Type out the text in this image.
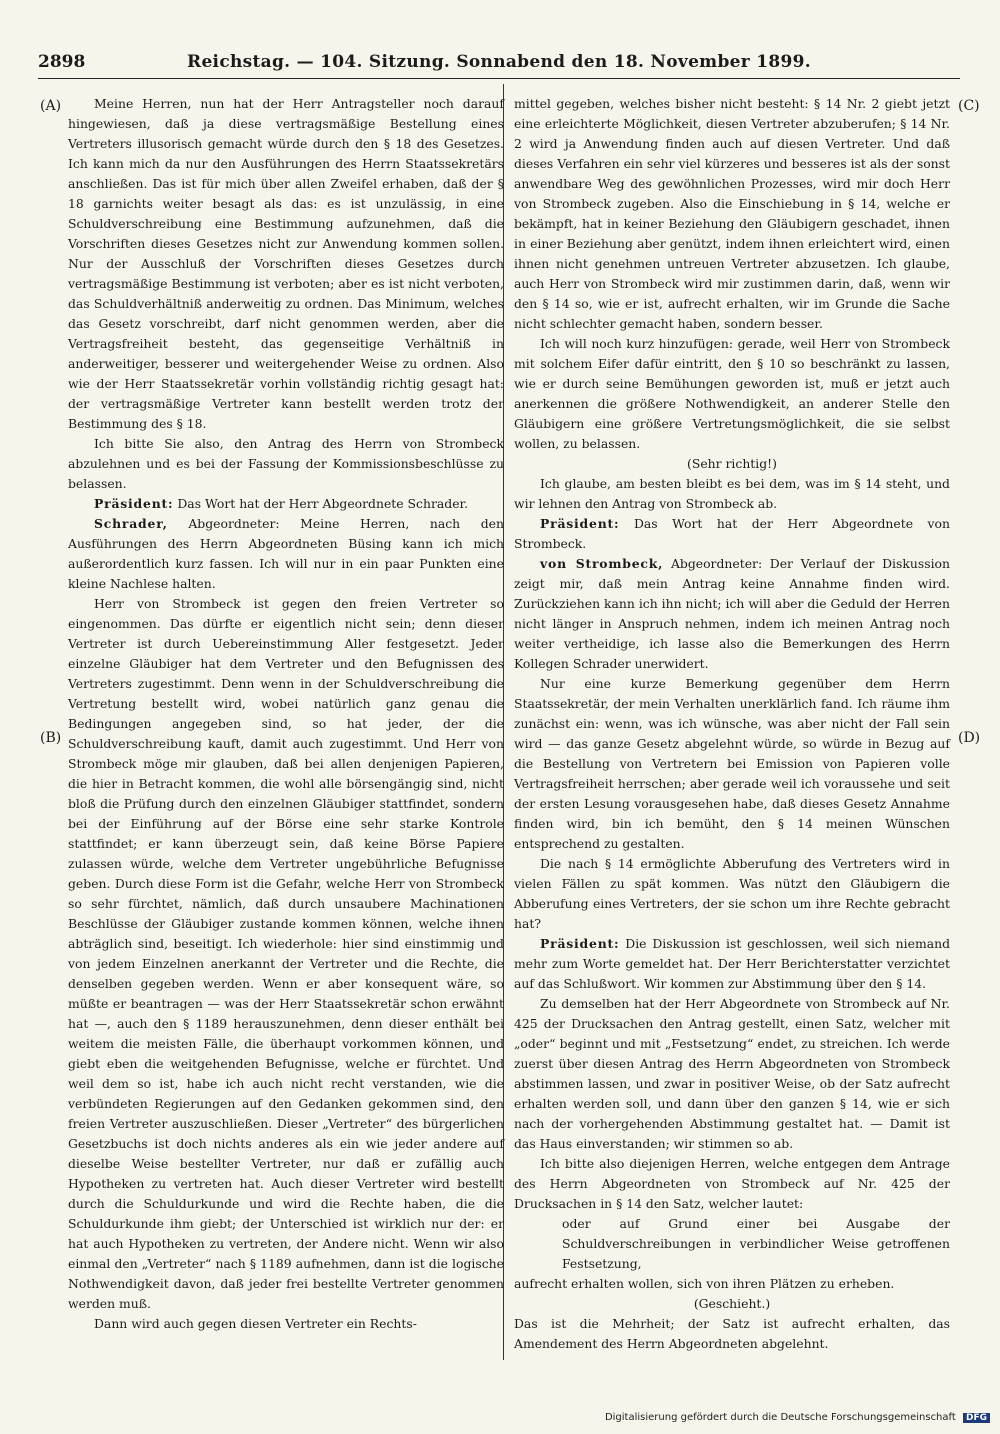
2898	Reichstag. — 104. Sitzung. Sonnabend den 18. November 1899.
(A)
(B)
(C)
(D)

Meine Herren, nun hat der Herr Antragsteller noch darauf hingewiesen, daß ja diese vertragsmäßige Bestellung eines Vertreters illusorisch gemacht würde durch den § 18 des Gesetzes. Ich kann mich da nur den Ausführungen des Herrn Staatssekretärs anschließen. Das ist für mich über allen Zweifel erhaben, daß der § 18 garnichts weiter besagt als das: es ist unzulässig, in eine Schuldverschreibung eine Bestimmung aufzunehmen, daß die Vorschriften dieses Gesetzes nicht zur Anwendung kommen sollen. Nur der Ausschluß der Vorschriften dieses Gesetzes durch vertragsmäßige Bestimmung ist verboten; aber es ist nicht verboten, das Schuldverhältniß anderweitig zu ordnen. Das Minimum, welches das Gesetz vorschreibt, darf nicht genommen werden, aber die Vertragsfreiheit besteht, das gegenseitige Verhältniß in anderweitiger, besserer und weitergehender Weise zu ordnen. Also wie der Herr Staatssekretär vorhin vollständig richtig gesagt hat: der vertragsmäßige Vertreter kann bestellt werden trotz der Bestimmung des § 18.

Ich bitte Sie also, den Antrag des Herrn von Strombeck abzulehnen und es bei der Fassung der Kommissionsbeschlüsse zu belassen.

Präsident: Das Wort hat der Herr Abgeordnete Schrader.

Schrader, Abgeordneter: Meine Herren, nach den Ausführungen des Herrn Abgeordneten Büsing kann ich mich außerordentlich kurz fassen. Ich will nur in ein paar Punkten eine kleine Nachlese halten.

Herr von Strombeck ist gegen den freien Vertreter so eingenommen. Das dürfte er eigentlich nicht sein; denn dieser Vertreter ist durch Uebereinstimmung Aller festgesetzt. Jeder einzelne Gläubiger hat dem Vertreter und den Befugnissen des Vertreters zugestimmt. Denn wenn in der Schuldverschreibung die Vertretung bestellt wird, wobei natürlich ganz genau die Bedingungen angegeben sind, so hat jeder, der die Schuldverschreibung kauft, damit auch zugestimmt. Und Herr von Strombeck möge mir glauben, daß bei allen denjenigen Papieren, die hier in Betracht kommen, die wohl alle börsengängig sind, nicht bloß die Prüfung durch den einzelnen Gläubiger stattfindet, sondern bei der Einführung auf der Börse eine sehr starke Kontrole stattfindet; er kann überzeugt sein, daß keine Börse Papiere zulassen würde, welche dem Vertreter ungebührliche Befugnisse geben. Durch diese Form ist die Gefahr, welche Herr von Strombeck so sehr fürchtet, nämlich, daß durch unsaubere Machinationen Beschlüsse der Gläubiger zustande kommen können, welche ihnen abträglich sind, beseitigt. Ich wiederhole: hier sind einstimmig und von jedem Einzelnen anerkannt der Vertreter und die Rechte, die denselben gegeben werden. Wenn er aber konsequent wäre, so müßte er beantragen — was der Herr Staatssekretär schon erwähnt hat —, auch den § 1189 herauszunehmen, denn dieser enthält bei weitem die meisten Fälle, die überhaupt vorkommen können, und giebt eben die weitgehenden Befugnisse, welche er fürchtet. Und weil dem so ist, habe ich auch nicht recht verstanden, wie die verbündeten Regierungen auf den Gedanken gekommen sind, den freien Vertreter auszuschließen. Dieser „Vertreter“ des bürgerlichen Gesetzbuchs ist doch nichts anderes als ein wie jeder andere auf dieselbe Weise bestellter Vertreter, nur daß er zufällig auch Hypotheken zu vertreten hat. Auch dieser Vertreter wird bestellt durch die Schuldurkunde und wird die Rechte haben, die die Schuldurkunde ihm giebt; der Unterschied ist wirklich nur der: er hat auch Hypotheken zu vertreten, der Andere nicht. Wenn wir also einmal den „Vertreter“ nach § 1189 aufnehmen, dann ist die logische Nothwendigkeit davon, daß jeder frei bestellte Vertreter genommen werden muß.

Dann wird auch gegen diesen Vertreter ein Rechts-

mittel gegeben, welches bisher nicht besteht: § 14 Nr. 2 giebt jetzt eine erleichterte Möglichkeit, diesen Vertreter abzuberufen; § 14 Nr. 2 wird ja Anwendung finden auch auf diesen Vertreter. Und daß dieses Verfahren ein sehr viel kürzeres und besseres ist als der sonst anwendbare Weg des gewöhnlichen Prozesses, wird mir doch Herr von Strombeck zugeben. Also die Einschiebung in § 14, welche er bekämpft, hat in keiner Beziehung den Gläubigern geschadet, ihnen in einer Beziehung aber genützt, indem ihnen erleichtert wird, einen ihnen nicht genehmen untreuen Vertreter abzusetzen. Ich glaube, auch Herr von Strombeck wird mir zustimmen darin, daß, wenn wir den § 14 so, wie er ist, aufrecht erhalten, wir im Grunde die Sache nicht schlechter gemacht haben, sondern besser.

Ich will noch kurz hinzufügen: gerade, weil Herr von Strombeck mit solchem Eifer dafür eintritt, den § 10 so beschränkt zu lassen, wie er durch seine Bemühungen geworden ist, muß er jetzt auch anerkennen die größere Nothwendigkeit, an anderer Stelle den Gläubigern eine größere Vertretungsmöglichkeit, die sie selbst wollen, zu belassen.

(Sehr richtig!)

Ich glaube, am besten bleibt es bei dem, was im § 14 steht, und wir lehnen den Antrag von Strombeck ab.

Präsident: Das Wort hat der Herr Abgeordnete von Strombeck.

von Strombeck, Abgeordneter: Der Verlauf der Diskussion zeigt mir, daß mein Antrag keine Annahme finden wird. Zurückziehen kann ich ihn nicht; ich will aber die Geduld der Herren nicht länger in Anspruch nehmen, indem ich meinen Antrag noch weiter vertheidige, ich lasse also die Bemerkungen des Herrn Kollegen Schrader unerwidert.

Nur eine kurze Bemerkung gegenüber dem Herrn Staatssekretär, der mein Verhalten unerklärlich fand. Ich räume ihm zunächst ein: wenn, was ich wünsche, was aber nicht der Fall sein wird — das ganze Gesetz abgelehnt würde, so würde in Bezug auf die Bestellung von Vertretern bei Emission von Papieren volle Vertragsfreiheit herrschen; aber gerade weil ich voraussehe und seit der ersten Lesung vorausgesehen habe, daß dieses Gesetz Annahme finden wird, bin ich bemüht, den § 14 meinen Wünschen entsprechend zu gestalten.

Die nach § 14 ermöglichte Abberufung des Vertreters wird in vielen Fällen zu spät kommen. Was nützt den Gläubigern die Abberufung eines Vertreters, der sie schon um ihre Rechte gebracht hat?

Präsident: Die Diskussion ist geschlossen, weil sich niemand mehr zum Worte gemeldet hat. Der Herr Berichterstatter verzichtet auf das Schlußwort. Wir kommen zur Abstimmung über den § 14.

Zu demselben hat der Herr Abgeordnete von Strombeck auf Nr. 425 der Drucksachen den Antrag gestellt, einen Satz, welcher mit „oder“ beginnt und mit „Festsetzung“ endet, zu streichen. Ich werde zuerst über diesen Antrag des Herrn Abgeordneten von Strombeck abstimmen lassen, und zwar in positiver Weise, ob der Satz aufrecht erhalten werden soll, und dann über den ganzen § 14, wie er sich nach der vorhergehenden Abstimmung gestaltet hat. — Damit ist das Haus einverstanden; wir stimmen so ab.

Ich bitte also diejenigen Herren, welche entgegen dem Antrage des Herrn Abgeordneten von Strombeck auf Nr. 425 der Drucksachen in § 14 den Satz, welcher lautet:

oder auf Grund einer bei Ausgabe der Schuldverschreibungen in verbindlicher Weise getroffenen Festsetzung,

aufrecht erhalten wollen, sich von ihren Plätzen zu erheben.

(Geschieht.)

Das ist die Mehrheit; der Satz ist aufrecht erhalten, das Amendement des Herrn Abgeordneten abgelehnt.

Digitalisierung gefördert durch die Deutsche Forschungsgemeinschaft DFG
